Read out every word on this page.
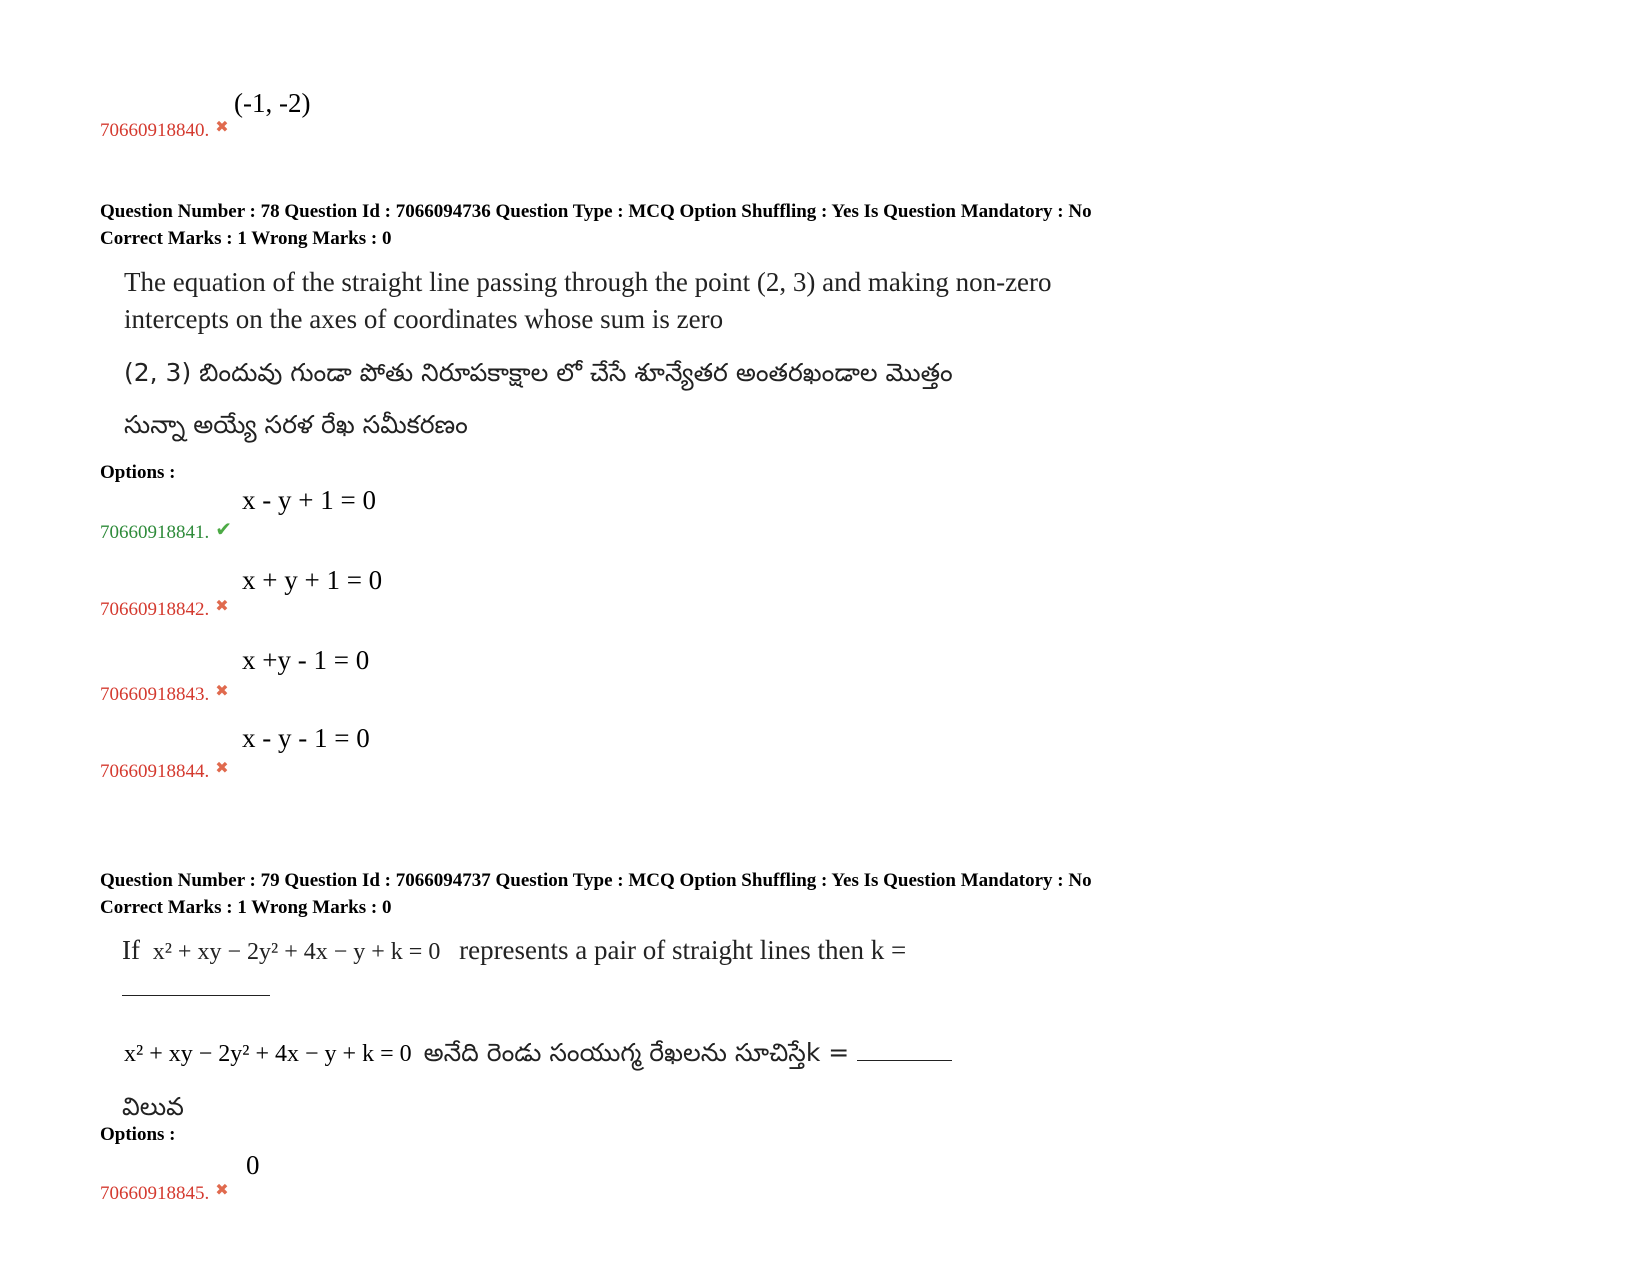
(-1, -2)
70660918840. ✖
Question Number : 78 Question Id : 7066094736 Question Type : MCQ Option Shuffling : Yes Is Question Mandatory : No
Correct Marks : 1 Wrong Marks : 0
The equation of the straight line passing through the point (2, 3) and making non-zero
intercepts on the axes of coordinates whose sum is zero
(2, 3) బిందువు గుండా పోతు నిరూపకాక్షాల లో చేసే శూన్యేతర అంతరఖండాల మొత్తం
సున్నా అయ్యే సరళ రేఖ సమీకరణం
Options :
x - y + 1 = 0
70660918841. ✔
x + y + 1 = 0
70660918842. ✖
x +y - 1 = 0
70660918843. ✖
x - y - 1 = 0
70660918844. ✖
Question Number : 79 Question Id : 7066094737 Question Type : MCQ Option Shuffling : Yes Is Question Mandatory : No
Correct Marks : 1 Wrong Marks : 0
If x² + xy − 2y² + 4x − y + k = 0 represents a pair of straight lines then k =
x² + xy − 2y² + 4x − y + k = 0 అనేది రెండు సంయుగ్మ రేఖలను సూచిస్తేk =
విలువ
Options :
0
70660918845. ✖
